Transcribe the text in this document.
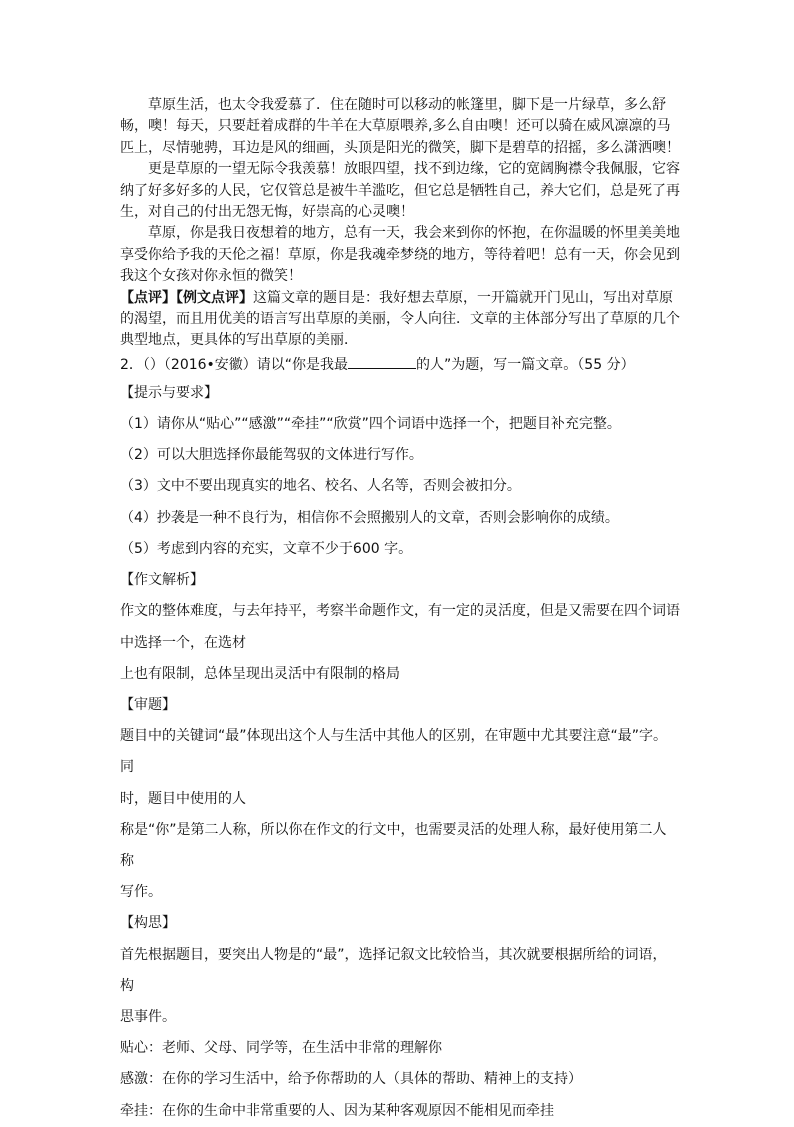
草原生活，也太令我爱慕了．住在随时可以移动的帐篷里，脚下是一片绿草，多么舒畅，噢！每天，只要赶着成群的牛羊在大草原喂养,多么自由噢！还可以骑在威风凛凛的马匹上，尽情驰骋，耳边是风的细画，头顶是阳光的微笑，脚下是碧草的招摇，多么潇洒噢！

更是草原的一望无际令我羡慕！放眼四望，找不到边缘，它的宽阔胸襟令我佩服，它容纳了好多好多的人民，它仅管总是被牛羊滥吃，但它总是牺牲自己，养大它们，总是死了再生，对自己的付出无怨无悔，好崇高的心灵噢！

草原，你是我日夜想着的地方，总有一天，我会来到你的怀抱，在你温暖的怀里美美地享受你给予我的天伦之福！草原，你是我魂牵梦绕的地方，等待着吧！总有一天，你会见到我这个女孩对你永恒的微笑！

【点评】【例文点评】这篇文章的题目是：我好想去草原，一开篇就开门见山，写出对草原的渴望，而且用优美的语言写出草原的美丽，令人向往．文章的主体部分写出了草原的几个典型地点，更具体的写出草原的美丽．

2．（）（2016•安徽）请以“你是我最	的人”为题，写一篇文章。（55 分）

【提示与要求】

（1）请你从“贴心”“感激”“牵挂”“欣赏”四个词语中选择一个，把题目补充完整。

（2）可以大胆选择你最能驾驭的文体进行写作。

（3）文中不要出现真实的地名、校名、人名等，否则会被扣分。

（4）抄袭是一种不良行为，相信你不会照搬别人的文章，否则会影响你的成绩。

（5）考虑到内容的充实，文章不少于600 字。

【作文解析】

作文的整体难度，与去年持平，考察半命题作文，有一定的灵活度，但是又需要在四个词语

中选择一个，在选材

上也有限制，总体呈现出灵活中有限制的格局

【审题】

题目中的关键词“最”体现出这个人与生活中其他人的区别，在审题中尤其要注意“最”字。同

时，题目中使用的人

称是“你”是第二人称，所以你在作文的行文中，也需要灵活的处理人称，最好使用第二人称

写作。

【构思】

首先根据题目，要突出人物是的“最”，选择记叙文比较恰当，其次就要根据所给的词语，构

思事件。

贴心：老师、父母、同学等，在生活中非常的理解你

感激：在你的学习生活中，给予你帮助的人（具体的帮助、精神上的支持）

牵挂：在你的生命中非常重要的人、因为某种客观原因不能相见而牵挂
